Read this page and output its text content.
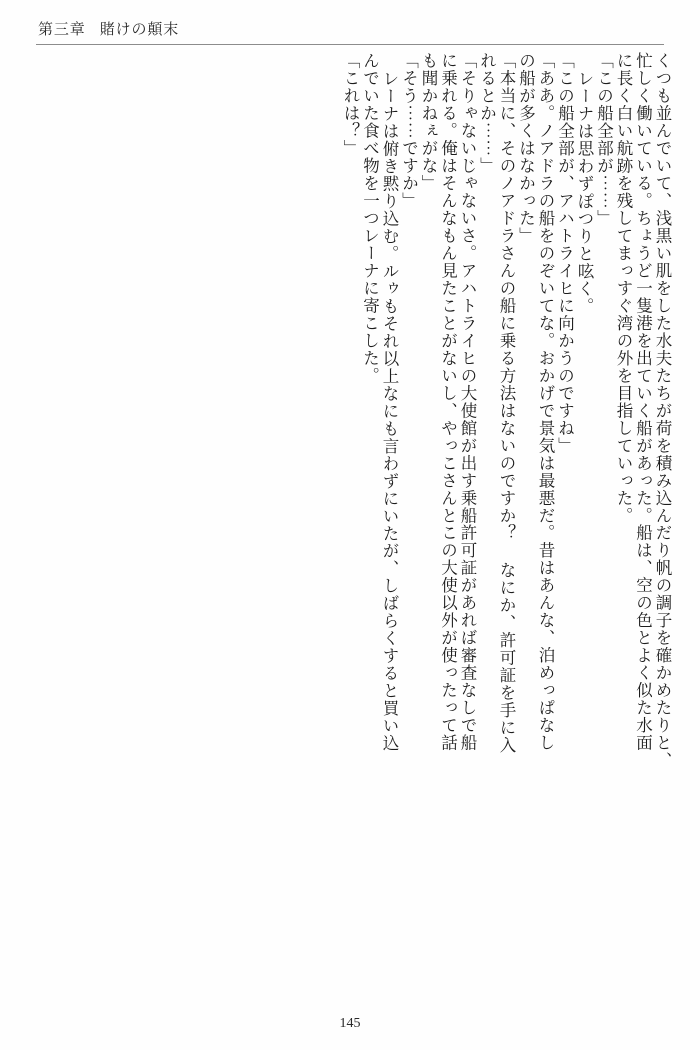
第三章 賭けの顛末
くつも並んでいて、浅黒い肌をした水夫たちが荷を積み込んだり帆の調子を確かめたりと、
忙しく働いている。ちょうど一隻港を出ていく船があった。船は、空の色とよく似た水面
に長く白い航跡を残してまっすぐ湾の外を目指していった。
「この船全部が⋯⋯」
レーナは思わずぽつりと呟く。
「この船全部が、アハトライヒに向かうのですね」
「ああ。ノアドラの船をのぞいてな。おかげで景気は最悪だ。昔はあんな、泊めっぱなし
の船が多くはなかった」
「本当に、そのノアドラさんの船に乗る方法はないのですか？ なにか、許可証を手に入
れるとか⋯⋯」
「そりゃないじゃないさ。アハトライヒの大使館が出す乗船許可証があれば審査なしで船
に乗れる。俺はそんなもん見たことがないし、やっこさんとこの大使以外が使ったって話
も聞かねぇがな」
「そう⋯⋯ですか」
レーナは俯き黙り込む。ルゥもそれ以上なにも言わずにいたが、しばらくすると買い込
んでいた食べ物を一つレーナに寄こした。
「これは？」
145
